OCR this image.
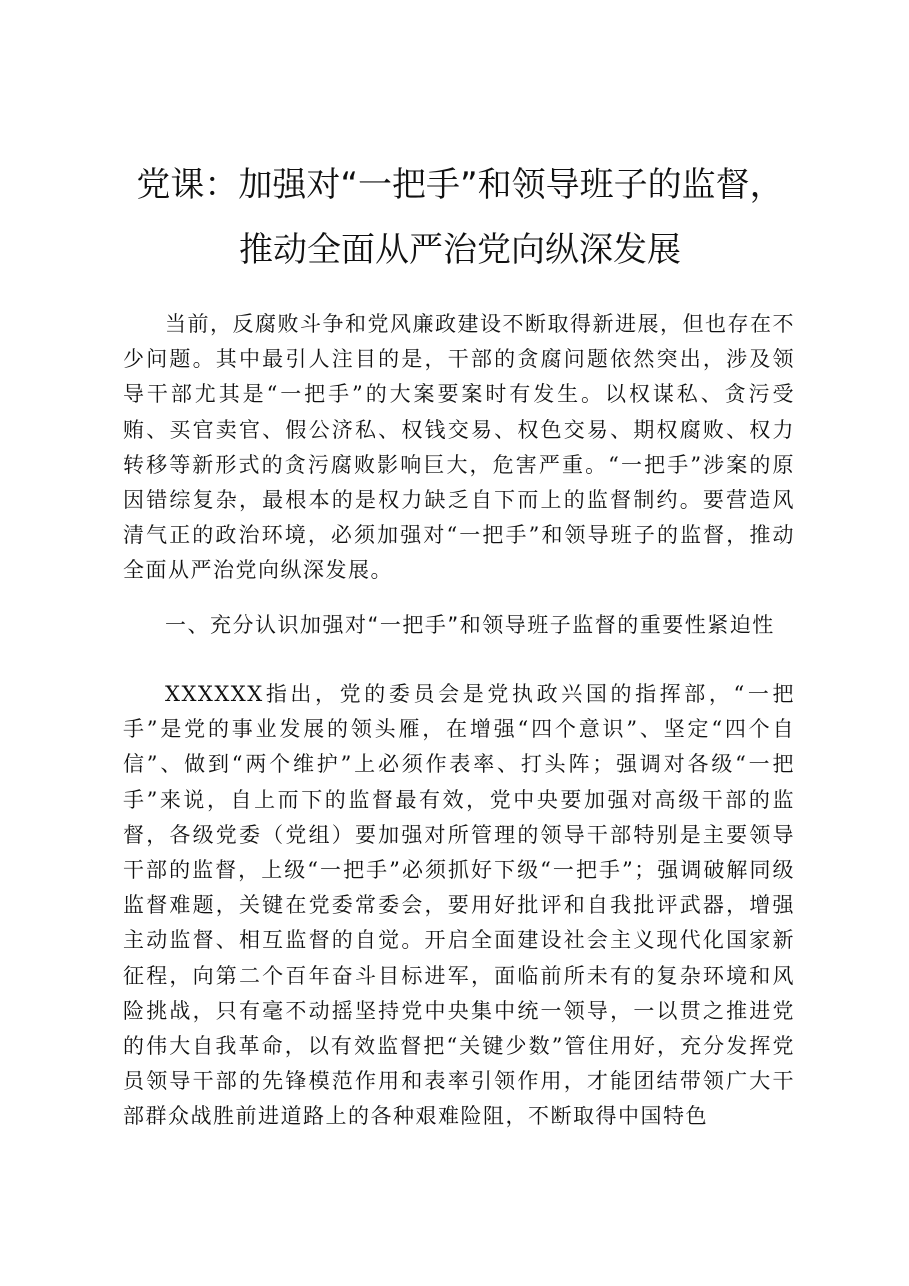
党课：加强对“一把手”和领导班子的监督，
推动全面从严治党向纵深发展

当前，反腐败斗争和党风廉政建设不断取得新进展，但也存在不少问题。其中最引人注目的是，干部的贪腐问题依然突出，涉及领导干部尤其是“一把手”的大案要案时有发生。以权谋私、贪污受贿、买官卖官、假公济私、权钱交易、权色交易、期权腐败、权力转移等新形式的贪污腐败影响巨大，危害严重。“一把手”涉案的原因错综复杂，最根本的是权力缺乏自下而上的监督制约。要营造风清气正的政治环境，必须加强对“一把手”和领导班子的监督，推动全面从严治党向纵深发展。

一、充分认识加强对“一把手”和领导班子监督的重要性紧迫性

XXXXXX指出，党的委员会是党执政兴国的指挥部，“一把手”是党的事业发展的领头雁，在增强“四个意识”、坚定“四个自信”、做到“两个维护”上必须作表率、打头阵；强调对各级“一把手”来说，自上而下的监督最有效，党中央要加强对高级干部的监督，各级党委（党组）要加强对所管理的领导干部特别是主要领导干部的监督，上级“一把手”必须抓好下级“一把手”；强调破解同级监督难题，关键在党委常委会，要用好批评和自我批评武器，增强主动监督、相互监督的自觉。开启全面建设社会主义现代化国家新征程，向第二个百年奋斗目标进军，面临前所未有的复杂环境和风险挑战，只有毫不动摇坚持党中央集中统一领导，一以贯之推进党的伟大自我革命，以有效监督把“关键少数”管住用好，充分发挥党员领导干部的先锋模范作用和表率引领作用，才能团结带领广大干部群众战胜前进道路上的各种艰难险阻，不断取得中国特色
